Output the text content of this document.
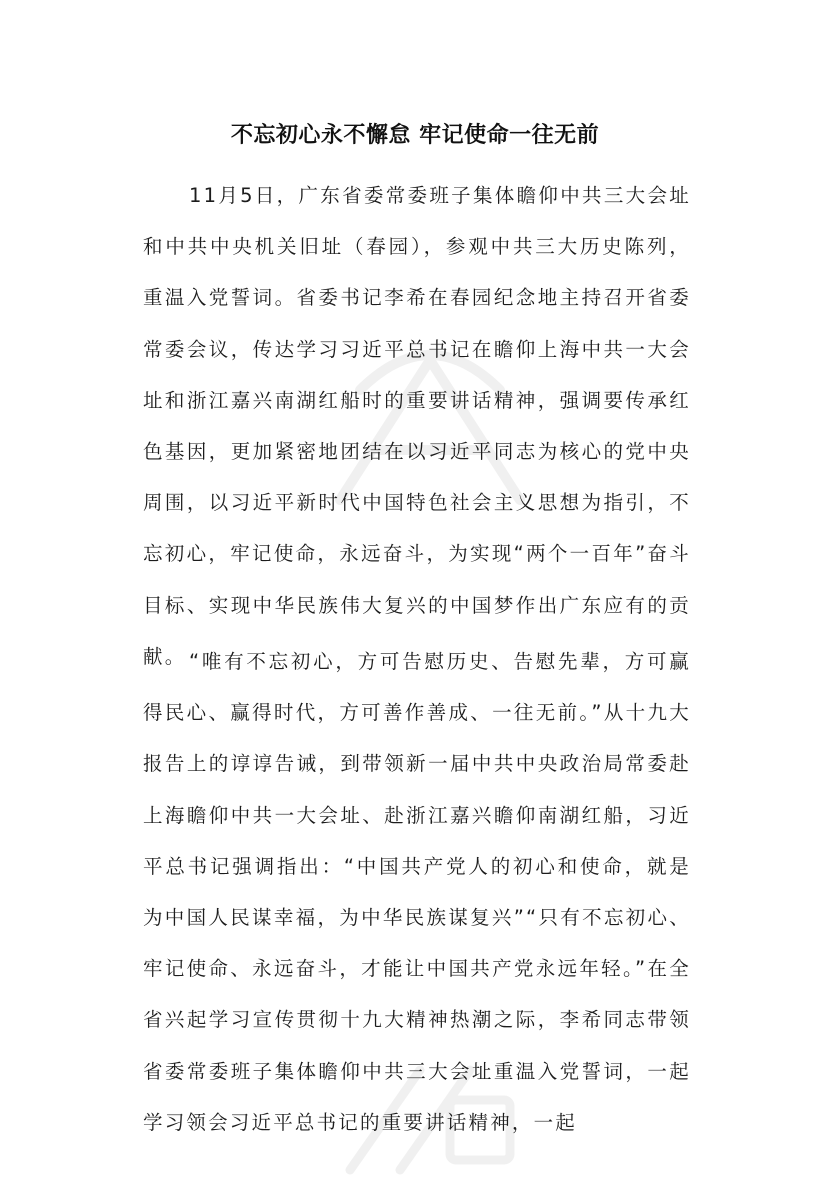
不忘初心永不懈怠 牢记使命一往无前

11月5日，广东省委常委班子集体瞻仰中共三大会址和中共中央机关旧址（春园），参观中共三大历史陈列，重温入党誓词。省委书记李希在春园纪念地主持召开省委常委会议，传达学习习近平总书记在瞻仰上海中共一大会址和浙江嘉兴南湖红船时的重要讲话精神，强调要传承红色基因，更加紧密地团结在以习近平同志为核心的党中央周围，以习近平新时代中国特色社会主义思想为指引，不忘初心，牢记使命，永远奋斗，为实现“两个一百年”奋斗目标、实现中华民族伟大复兴的中国梦作出广东应有的贡献。 “唯有不忘初心，方可告慰历史、告慰先辈，方可赢得民心、赢得时代，方可善作善成、一往无前。”从十九大报告上的谆谆告诫，到带领新一届中共中央政治局常委赴上海瞻仰中共一大会址、赴浙江嘉兴瞻仰南湖红船，习近平总书记强调指出：“中国共产党人的初心和使命，就是为中国人民谋幸福，为中华民族谋复兴”“只有不忘初心、牢记使命、永远奋斗，才能让中国共产党永远年轻。”在全省兴起学习宣传贯彻十九大精神热潮之际，李希同志带领省委常委班子集体瞻仰中共三大会址重温入党誓词，一起学习领会习近平总书记的重要讲话精神，一起
